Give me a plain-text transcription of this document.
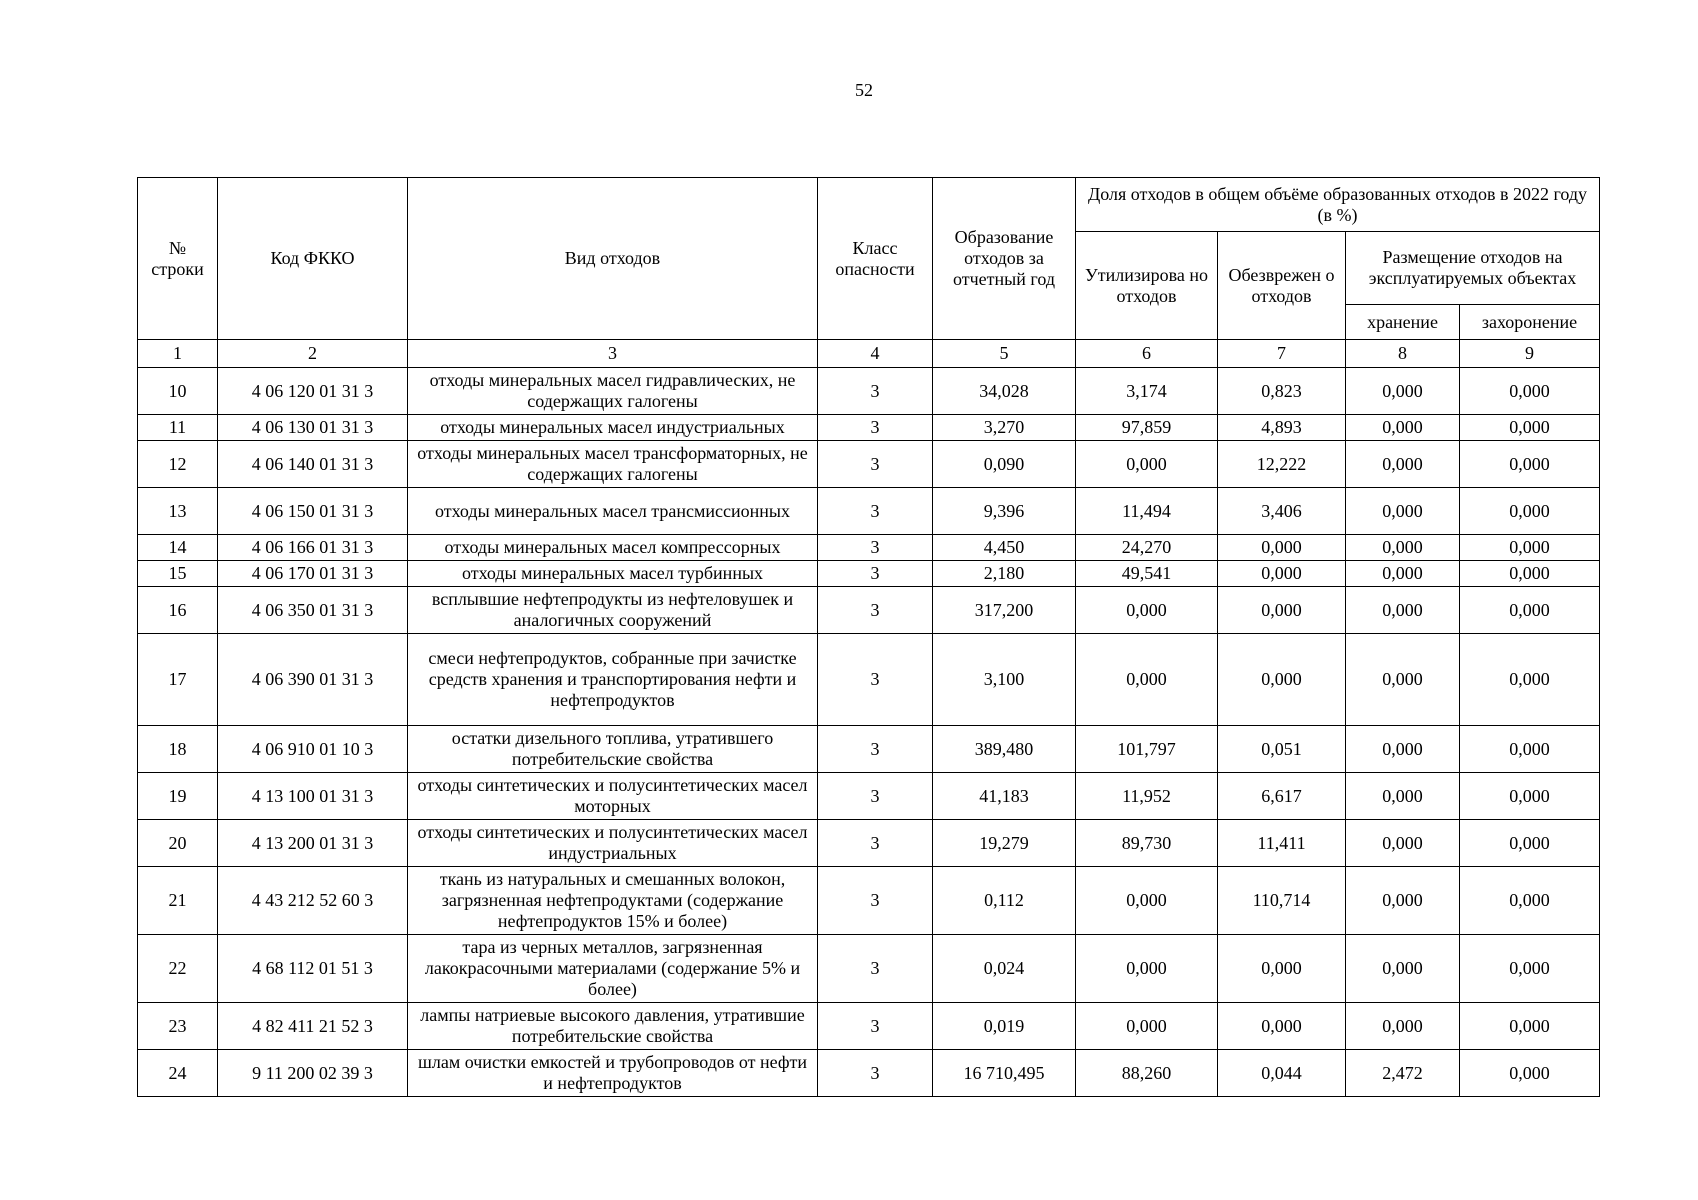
52
№ строки	Код ФККО	Вид отходов	Класс опасности	Образование отходов за отчетный год	Доля отходов в общем объёме образованных отходов в 2022 году (в %)			
					Утилизирова но отходов	Обезврежен о отходов	Размещение отходов на эксплуатируемых объектах	
							хранение	захоронение
1	2	3	4	5	6	7	8	9
10	4 06 120 01 31 3	отходы минеральных масел гидравлических, не содержащих галогены	3	34,028	3,174	0,823	0,000	0,000
11	4 06 130 01 31 3	отходы минеральных масел индустриальных	3	3,270	97,859	4,893	0,000	0,000
12	4 06 140 01 31 3	отходы минеральных масел трансформаторных, не содержащих галогены	3	0,090	0,000	12,222	0,000	0,000
13	4 06 150 01 31 3	отходы минеральных масел трансмиссионных	3	9,396	11,494	3,406	0,000	0,000
14	4 06 166 01 31 3	отходы минеральных масел компрессорных	3	4,450	24,270	0,000	0,000	0,000
15	4 06 170 01 31 3	отходы минеральных масел турбинных	3	2,180	49,541	0,000	0,000	0,000
16	4 06 350 01 31 3	всплывшие нефтепродукты из нефтеловушек и аналогичных сооружений	3	317,200	0,000	0,000	0,000	0,000
17	4 06 390 01 31 3	смеси нефтепродуктов, собранные при зачистке средств хранения и транспортирования нефти и нефтепродуктов	3	3,100	0,000	0,000	0,000	0,000
18	4 06 910 01 10 3	остатки дизельного топлива, утратившего потребительские свойства	3	389,480	101,797	0,051	0,000	0,000
19	4 13 100 01 31 3	отходы синтетических и полусинтетических масел моторных	3	41,183	11,952	6,617	0,000	0,000
20	4 13 200 01 31 3	отходы синтетических и полусинтетических масел индустриальных	3	19,279	89,730	11,411	0,000	0,000
21	4 43 212 52 60 3	ткань из натуральных и смешанных волокон, загрязненная нефтепродуктами (содержание нефтепродуктов 15% и более)	3	0,112	0,000	110,714	0,000	0,000
22	4 68 112 01 51 3	тара из черных металлов, загрязненная лакокрасочными материалами (содержание 5% и более)	3	0,024	0,000	0,000	0,000	0,000
23	4 82 411 21 52 3	лампы натриевые высокого давления, утратившие потребительские свойства	3	0,019	0,000	0,000	0,000	0,000
24	9 11 200 02 39 3	шлам очистки емкостей и трубопроводов от нефти и нефтепродуктов	3	16 710,495	88,260	0,044	2,472	0,000
